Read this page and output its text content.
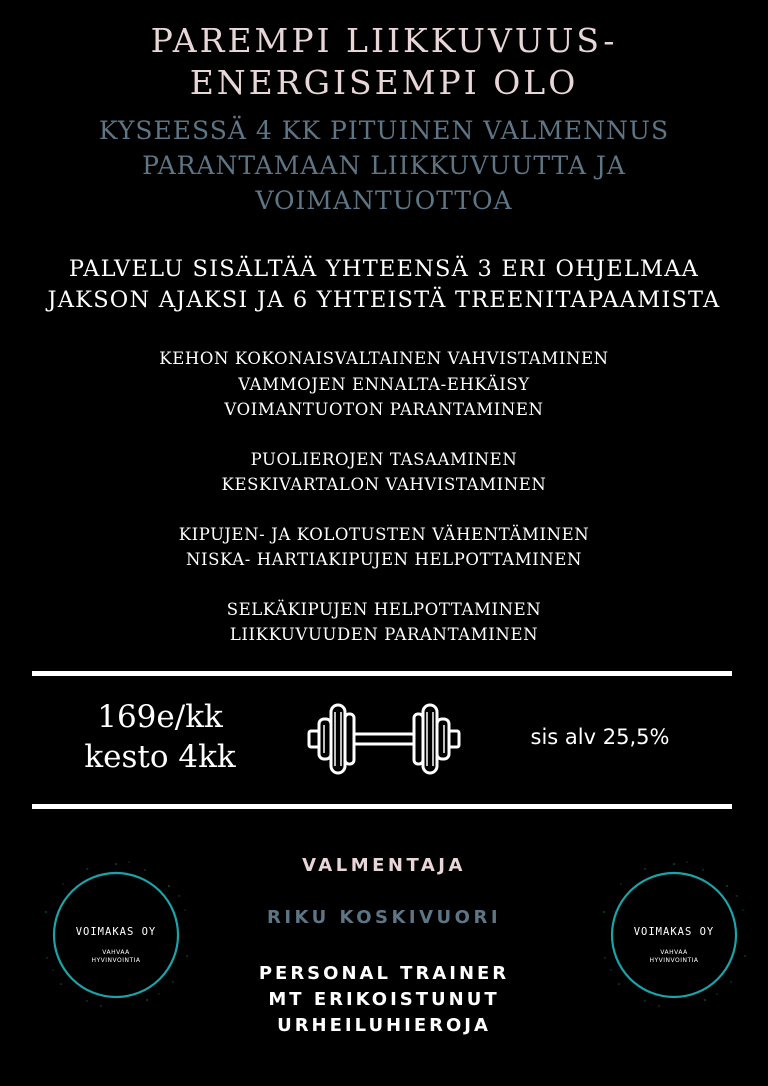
PAREMPI LIIKKUVUUS-
ENERGISEMPI OLO
KYSEESSÄ 4 KK PITUINEN VALMENNUS
PARANTAMAAN LIIKKUVUUTTA JA
VOIMANTUOTTOA
PALVELU SISÄLTÄÄ YHTEENSÄ 3 ERI OHJELMAA
JAKSON AJAKSI JA 6 YHTEISTÄ TREENITAPAAMISTA
KEHON KOKONAISVALTAINEN VAHVISTAMINEN
VAMMOJEN ENNALTA-EHKÄISY
VOIMANTUOTON PARANTAMINEN
PUOLIEROJEN TASAAMINEN
KESKIVARTALON VAHVISTAMINEN
KIPUJEN- JA KOLOTUSTEN VÄHENTÄMINEN
NISKA- HARTIAKIPUJEN HELPOTTAMINEN
SELKÄKIPUJEN HELPOTTAMINEN
LIIKKUVUUDEN PARANTAMINEN
169e/kk
kesto 4kk
sis alv 25,5%
VOIMAKAS OY
VAHVAA
HYVINVOINTIA
VOIMAKAS OY
VAHVAA
HYVINVOINTIA
VALMENTAJA
RIKU KOSKIVUORI
PERSONAL TRAINER
MT ERIKOISTUNUT
URHEILUHIEROJA
